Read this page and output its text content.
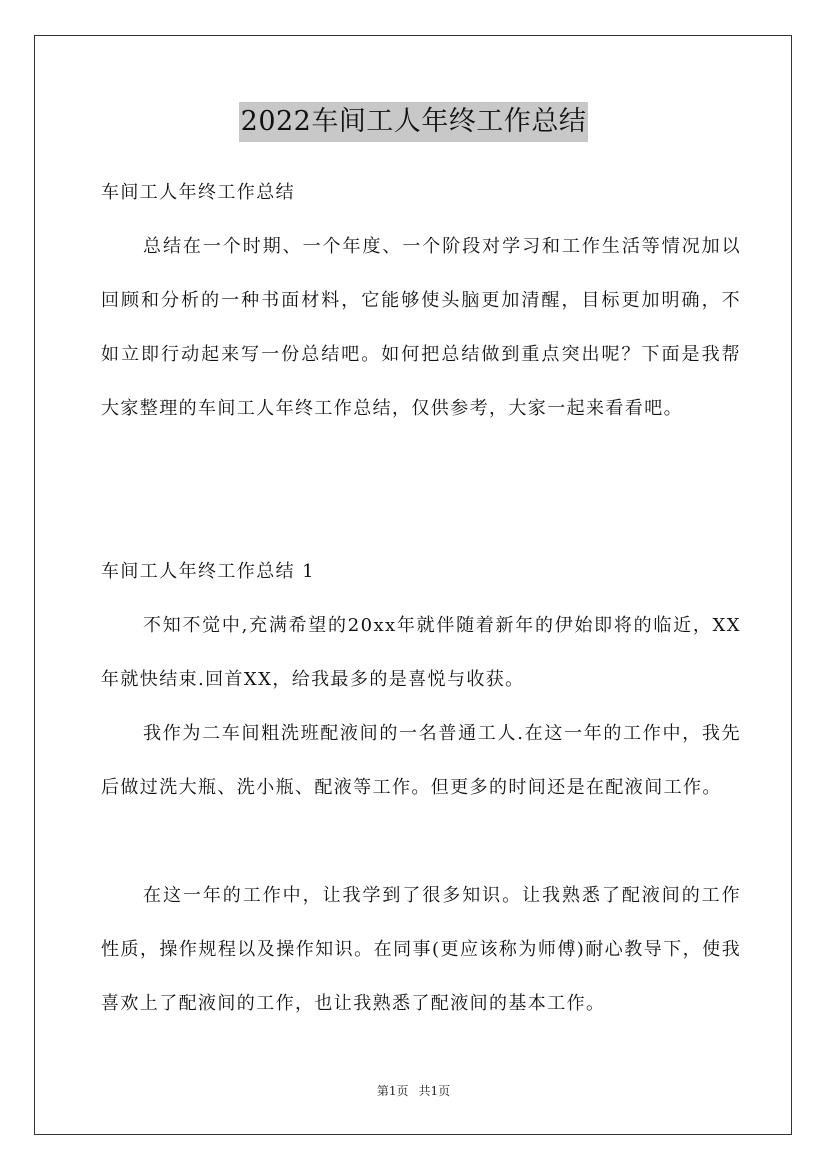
2022车间工人年终工作总结

车间工人年终工作总结

总结在一个时期、一个年度、一个阶段对学习和工作生活等情况加以回顾和分析的一种书面材料，它能够使头脑更加清醒，目标更加明确，不如立即行动起来写一份总结吧。如何把总结做到重点突出呢？下面是我帮大家整理的车间工人年终工作总结，仅供参考，大家一起来看看吧。

车间工人年终工作总结 1

不知不觉中,充满希望的20xx年就伴随着新年的伊始即将的临近，XX年就快结束.回首XX，给我最多的是喜悦与收获。

我作为二车间粗洗班配液间的一名普通工人.在这一年的工作中，我先后做过洗大瓶、洗小瓶、配液等工作。但更多的时间还是在配液间工作。

在这一年的工作中，让我学到了很多知识。让我熟悉了配液间的工作性质，操作规程以及操作知识。在同事(更应该称为师傅)耐心教导下，使我喜欢上了配液间的工作，也让我熟悉了配液间的基本工作。

第1页 共1页
